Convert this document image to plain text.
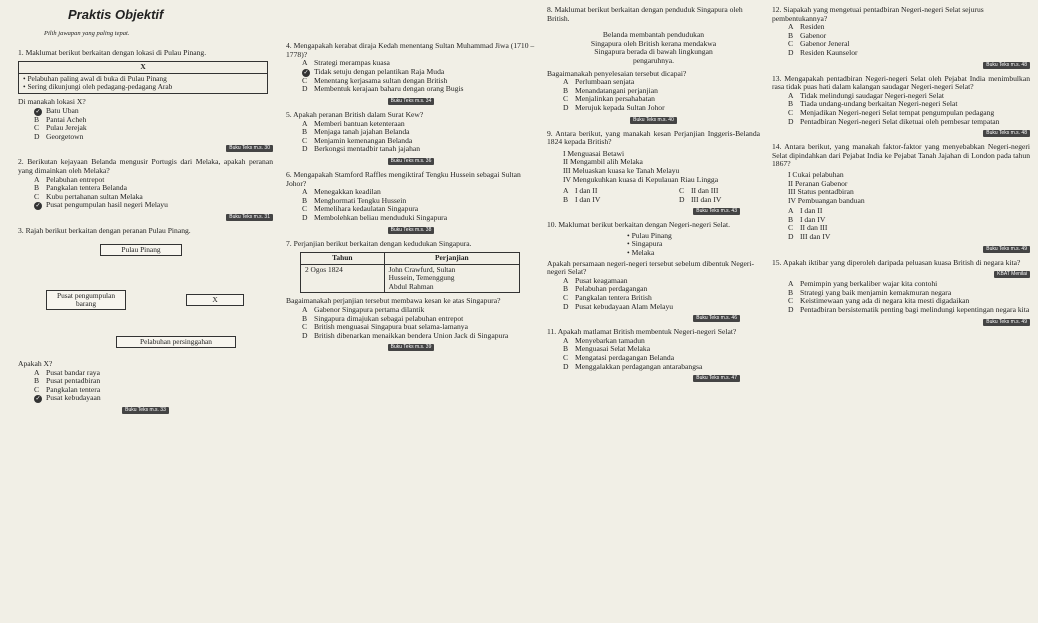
Praktis Objektif
Pilih jawapan yang paling tepat.

1. Maklumat berikut berkaitan dengan lokasi di Pulau Pinang.

X
• Pelabuhan paling awal di buka di Pulau Pinang
• Sering dikunjungi oleh pedagang-pedagang Arab

Di manakah lokasi X?

✓ Batu Uban
B Pantai Acheh
C Pulau Jerejak
D Georgetown
Buku Teks m.s. 30

2. Berikutan kejayaan Belanda mengusir Portugis dari Melaka, apakah peranan yang dimainkan oleh Melaka?

A Pelabuhan entrepot
B Pangkalan tentera Belanda
C Kubu pertahanan sultan Melaka
✓ Pusat pengumpulan hasil negeri Melayu
Buku Teks m.s. 31

3. Rajah berikut berkaitan dengan peranan Pulau Pinang.

Pulau Pinang
Pusat pengumpulan barang	X
Pelabuhan persinggahan

Apakah X?

A Pusat bandar raya
B Pusat pentadbiran
C Pangkalan tentera
✓ Pusat kebudayaan
Buku Teks m.s. 33

4. Mengapakah kerabat diraja Kedah menentang Sultan Muhammad Jiwa (1710 – 1778)?

A Strategi merampas kuasa
✓ Tidak setuju dengan pelantikan Raja Muda
C Menentang kerjasama sultan dengan British
D Membentuk kerajaan baharu dengan orang Bugis
Buku Teks m.s. 34

5. Apakah peranan British dalam Surat Kew?

A Memberi bantuan ketenteraan
B Menjaga tanah jajahan Belanda
C Menjamin kemenangan Belanda
D Berkongsi mentadbir tanah jajahan
Buku Teks m.s. 36

6. Mengapakah Stamford Raffles mengiktiraf Tengku Hussein sebagai Sultan Johor?

A Menegakkan keadilan
B Menghormati Tengku Hussein
C Memelihara kedaulatan Singapura
D Membolehkan beliau menduduki Singapura
Buku Teks m.s. 38

7. Perjanjian berikut berkaitan dengan kedudukan Singapura.

Tahun	Perjanjian
2 Ogos 1824	John Crawfurd, Sultan
Hussein, Temenggung
Abdul Rahman

Bagaimanakah perjanjian tersebut membawa kesan ke atas Singapura?

A Gabenor Singapura pertama dilantik
B Singapura dimajukan sebagai pelabuhan entrepot
C British menguasai Singapura buat selama-lamanya
D British dibenarkan menaikkan bendera Union Jack di Singapura
Buku Teks m.s. 39

8. Maklumat berikut berkaitan dengan penduduk Singapura oleh British.

Belanda membantah pendudukan
Singapura oleh British kerana mendakwa
Singapura berada di bawah lingkungan
pengaruhnya.

Bagaimanakah penyelesaian tersebut dicapai?

A Perlumbaan senjata
B Menandatangani perjanjian
C Menjalinkan persahabatan
D Merujuk kepada Sultan Johor
Buku Teks m.s. 40

9. Antara berikut, yang manakah kesan Perjanjian Inggeris-Belanda 1824 kepada British?

I Menguasai Betawi
II Mengambil alih Melaka
III Meluaskan kuasa ke Tanah Melayu
IV Mengukuhkan kuasa di Kepulauan Riau Lingga
A I dan II	C II dan III
B I dan IV	D III dan IV
Buku Teks m.s. 43

10. Maklumat berikut berkaitan dengan Negeri-negeri Selat.

• Pulau Pinang
• Singapura
• Melaka

Apakah persamaan negeri-negeri tersebut sebelum dibentuk Negeri-negeri Selat?

A Pusat keagamaan
B Pelabuhan perdagangan
C Pangkalan tentera British
D Pusat kebudayaan Alam Melayu
Buku Teks m.s. 46

11. Apakah matlamat British membentuk Negeri-negeri Selat?

A Menyebarkan tamadun
B Menguasai Selat Melaka
C Mengatasi perdagangan Belanda
D Menggalakkan perdagangan antarabangsa
Buku Teks m.s. 47

12. Siapakah yang mengetuai pentadbiran Negeri-negeri Selat sejurus pembentukannya?

A Residen
B Gabenor
C Gabenor Jeneral
D Residen Kaunselor
Buku Teks m.s. 48

13. Mengapakah pentadbiran Negeri-negeri Selat oleh Pejabat India menimbulkan rasa tidak puas hati dalam kalangan saudagar Negeri-negeri Selat?

A Tidak melindungi saudagar Negeri-negeri Selat
B Tiada undang-undang berkaitan Negeri-negeri Selat
C Menjadikan Negeri-negeri Selat tempat pengumpulan pedagang
D Pentadbiran Negeri-negeri Selat diketuai oleh pembesar tempatan
Buku Teks m.s. 48

14. Antara berikut, yang manakah faktor-faktor yang menyebabkan Negeri-negeri Selat dipindahkan dari Pejabat India ke Pejabat Tanah Jajahan di London pada tahun 1867?

I Cukai pelabuhan
II Peranan Gabenor
III Status pentadbiran
IV Pembuangan banduan
A I dan II
B I dan IV
C II dan III
D III dan IV
Buku Teks m.s. 49

15. Apakah iktibar yang diperoleh daripada peluasan kuasa British di negara kita?

KBAT Menilai
A Pemimpin yang berkaliber wajar kita contohi
B Strategi yang baik menjamin kemakmuran negara
C Keistimewaan yang ada di negara kita mesti digadaikan
D Pentadbiran bersistematik penting bagi melindungi kepentingan negara kita
Buku Teks m.s. 49
